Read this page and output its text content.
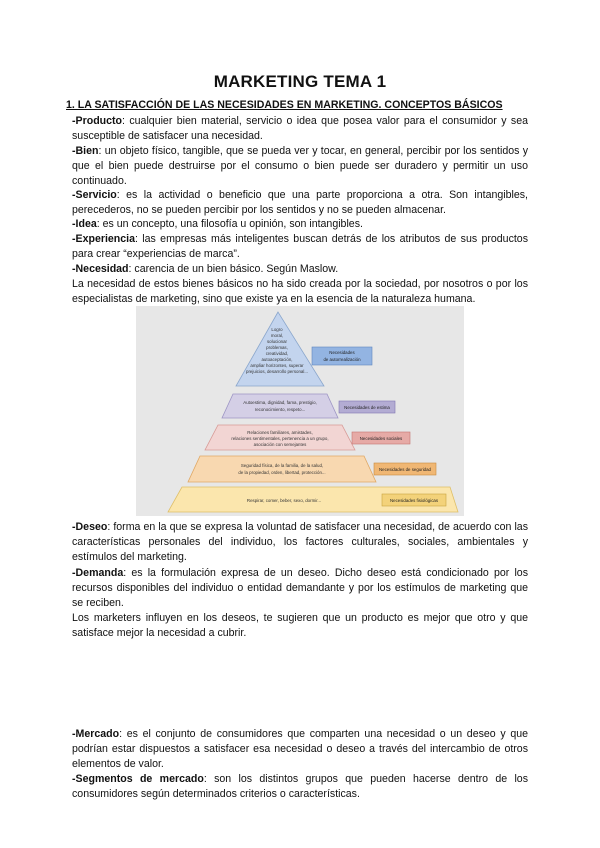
MARKETING TEMA 1
1. LA SATISFACCIÓN DE LAS NECESIDADES EN MARKETING. CONCEPTOS BÁSICOS

-Producto: cualquier bien material, servicio o idea que posea valor para el consumidor y sea susceptible de satisfacer una necesidad.

-Bien: un objeto físico, tangible, que se pueda ver y tocar, en general, percibir por los sentidos y que el bien puede destruirse por el consumo o bien puede ser duradero y permitir un uso continuado.

-Servicio: es la actividad o beneficio que una parte proporciona a otra. Son intangibles, perecederos, no se pueden percibir por los sentidos y no se pueden almacenar.

-Idea: es un concepto, una filosofía u opinión, son intangibles.

-Experiencia: las empresas más inteligentes buscan detrás de los atributos de sus productos para crear “experiencias de marca”.

-Necesidad: carencia de un bien básico. Según Maslow.

La necesidad de estos bienes básicos no ha sido creada por la sociedad, por nosotros o por los especialistas de marketing, sino que existe ya en la esencia de la naturaleza humana.

Logro
moral,
solucionar
problemas,
creatividad,
autoaceptación,
ampliar horizontes, superar
prejuicios, desarrollo personal...
Autoestima, dignidad, fama, prestigio,
reconocimiento, respeto...
Relaciones familiares, amistades,
relaciones sentimentales, pertenencia a un grupo,
asociación con semejantes
Seguridad física, de la familia, de la salud,
de la propiedad, orden, libertad, protección...
Respirar, comer, beber, sexo, dormir...
Necesidades
de autorrealización
Necesidades de estima
Necesidades sociales
Necesidades de seguridad
Necesidades fisiológicas

-Deseo: forma en la que se expresa la voluntad de satisfacer una necesidad, de acuerdo con las características personales del individuo, los factores culturales, sociales, ambientales y estímulos del marketing.

-Demanda: es la formulación expresa de un deseo. Dicho deseo está condicionado por los recursos disponibles del individuo o entidad demandante y por los estímulos de marketing que se reciben.

Los marketers influyen en los deseos, te sugieren que un producto es mejor que otro y que satisface mejor la necesidad a cubrir.

-Mercado: es el conjunto de consumidores que comparten una necesidad o un deseo y que podrían estar dispuestos a satisfacer esa necesidad o deseo a través del intercambio de otros elementos de valor.

-Segmentos de mercado: son los distintos grupos que pueden hacerse dentro de los consumidores según determinados criterios o características.
